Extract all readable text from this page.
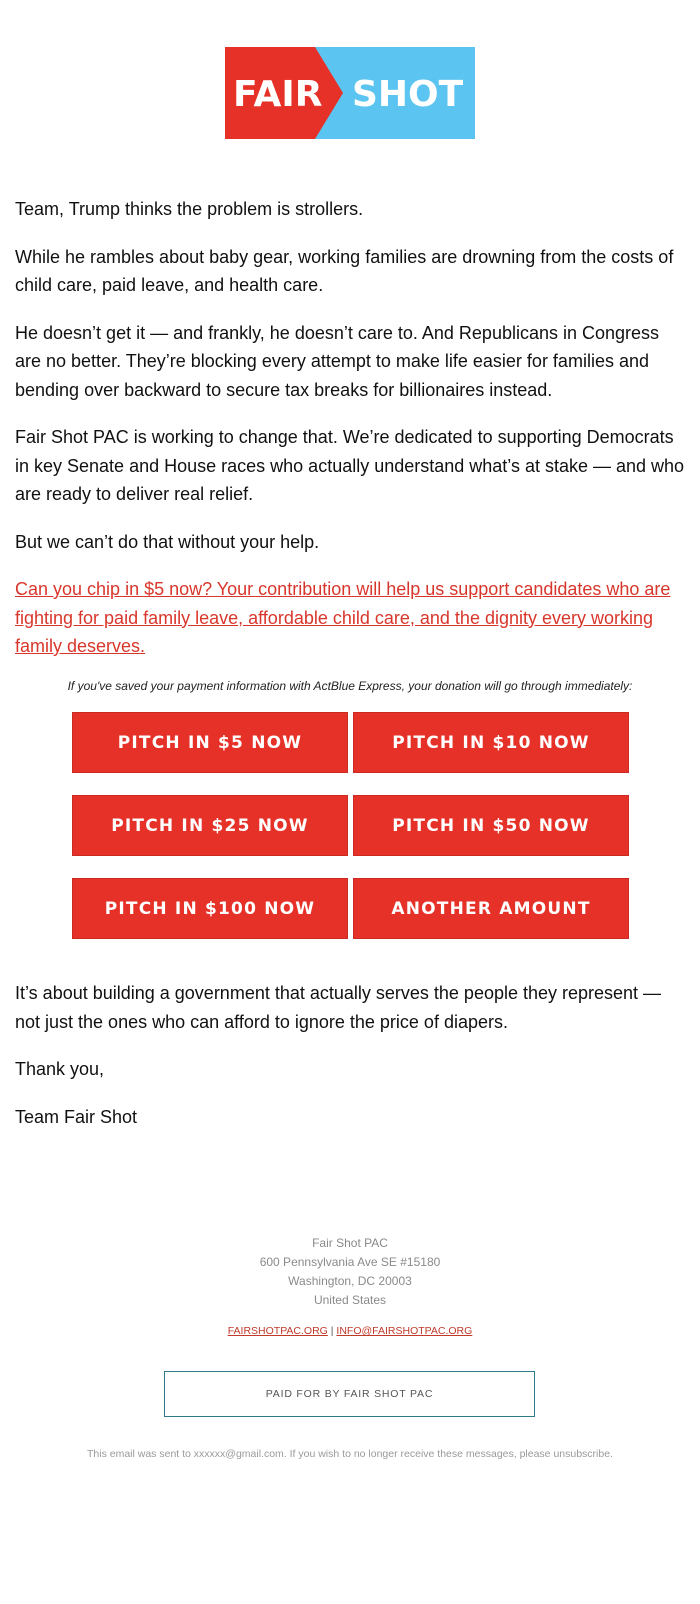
FAIR SHOT

Team, Trump thinks the problem is strollers.

While he rambles about baby gear, working families are drowning from the costs of child care, paid leave, and health care.

He doesn’t get it — and frankly, he doesn’t care to. And Republicans in Congress are no better. They’re blocking every attempt to make life easier for families and bending over backward to secure tax breaks for billionaires instead.

Fair Shot PAC is working to change that. We’re dedicated to supporting Democrats in key Senate and House races who actually understand what’s at stake — and who are ready to deliver real relief.

But we can’t do that without your help.

Can you chip in $5 now? Your contribution will help us support candidates who are fighting for paid family leave, affordable child care, and the dignity every working family deserves.

If you've saved your payment information with ActBlue Express, your donation will go through immediately:
PITCH IN $5 NOW	PITCH IN $10 NOW
PITCH IN $25 NOW	PITCH IN $50 NOW
PITCH IN $100 NOW	ANOTHER AMOUNT

It’s about building a government that actually serves the people they represent — not just the ones who can afford to ignore the price of diapers.

Thank you,

Team Fair Shot

Fair Shot PAC
600 Pennsylvania Ave SE #15180
Washington, DC 20003
United States
FAIRSHOTPAC.ORG | INFO@FAIRSHOTPAC.ORG
PAID FOR BY FAIR SHOT PAC
This email was sent to xxxxxx@gmail.com. If you wish to no longer receive these messages, please unsubscribe.
